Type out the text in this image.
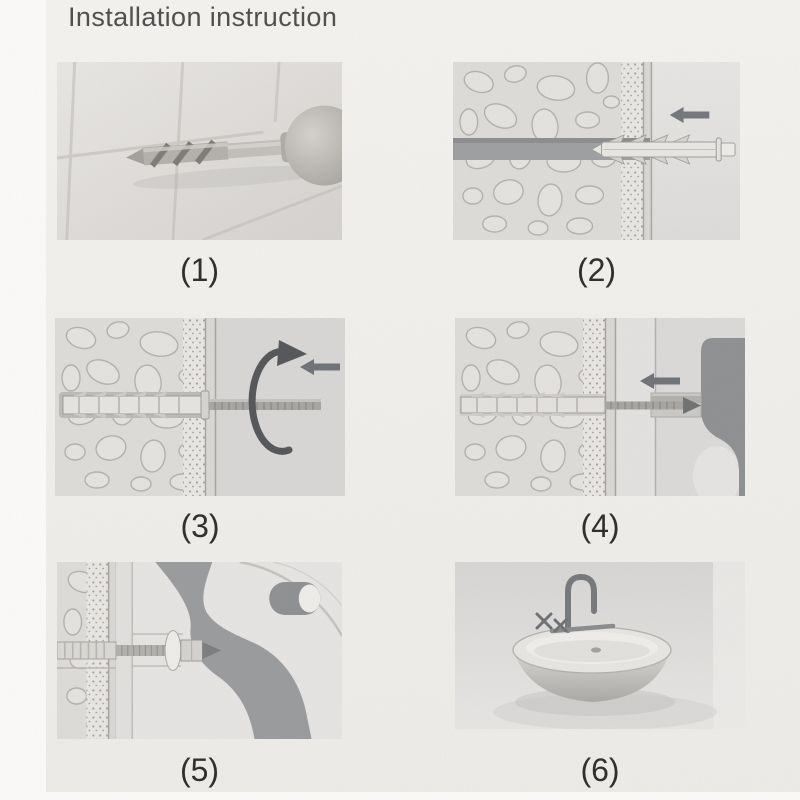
Installation instruction
(1)	(2)
(3)	(4)
(5)	(6)
